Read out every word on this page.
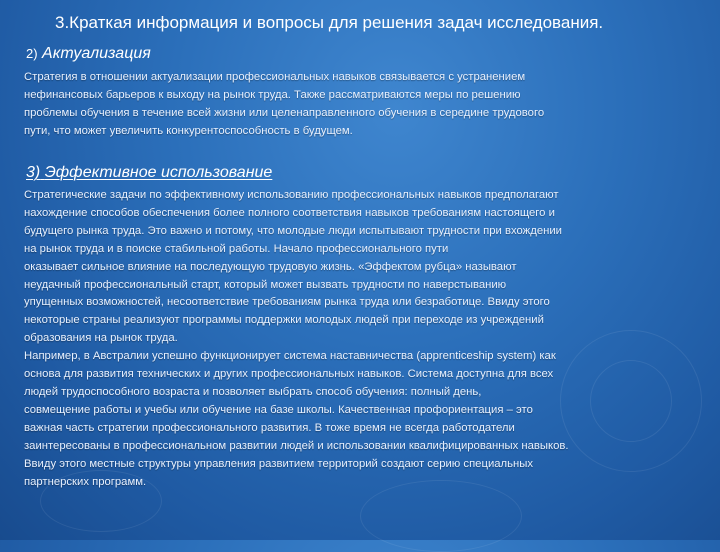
3.Краткая информация и вопросы для решения задач исследования.
2) Актуализация

Стратегия в отношении актуализации профессиональных навыков связывается с устранением
нефинансовых барьеров к выходу на рынок труда. Также рассматриваются меры по решению
проблемы обучения в течение всей жизни или целенаправленного обучения в середине трудового
пути, что может увеличить конкурентоспособность в будущем.

3) Эффективное использование

Стратегические задачи по эффективному использованию профессиональных навыков предполагают
нахождение способов обеспечения более полного соответствия навыков требованиям настоящего и
будущего рынка труда. Это важно и потому, что молодые люди испытывают трудности при вхождении
на рынок труда и в поиске стабильной работы. Начало профессионального пути
оказывает сильное влияние на последующую трудовую жизнь. «Эффектом рубца» называют
неудачный профессиональный старт, который может вызвать трудности по наверстыванию
упущенных возможностей, несоответствие требованиям рынка труда или безработице. Ввиду этого
некоторые страны реализуют программы поддержки молодых людей при переходе из учреждений
образования на рынок труда.
Например, в Австралии успешно функционирует система наставничества (apprenticeship system) как
основа для развития технических и других профессиональных навыков. Система доступна для всех
людей трудоспособного возраста и позволяет выбрать способ обучения: полный день,
совмещение работы и учебы или обучение на базе школы. Качественная профориентация – это
важная часть стратегии профессионального развития. В тоже время не всегда работодатели
заинтересованы в профессиональном развитии людей и использовании квалифицированных навыков.
Ввиду этого местные структуры управления развитием территорий создают серию специальных
партнерских программ.
